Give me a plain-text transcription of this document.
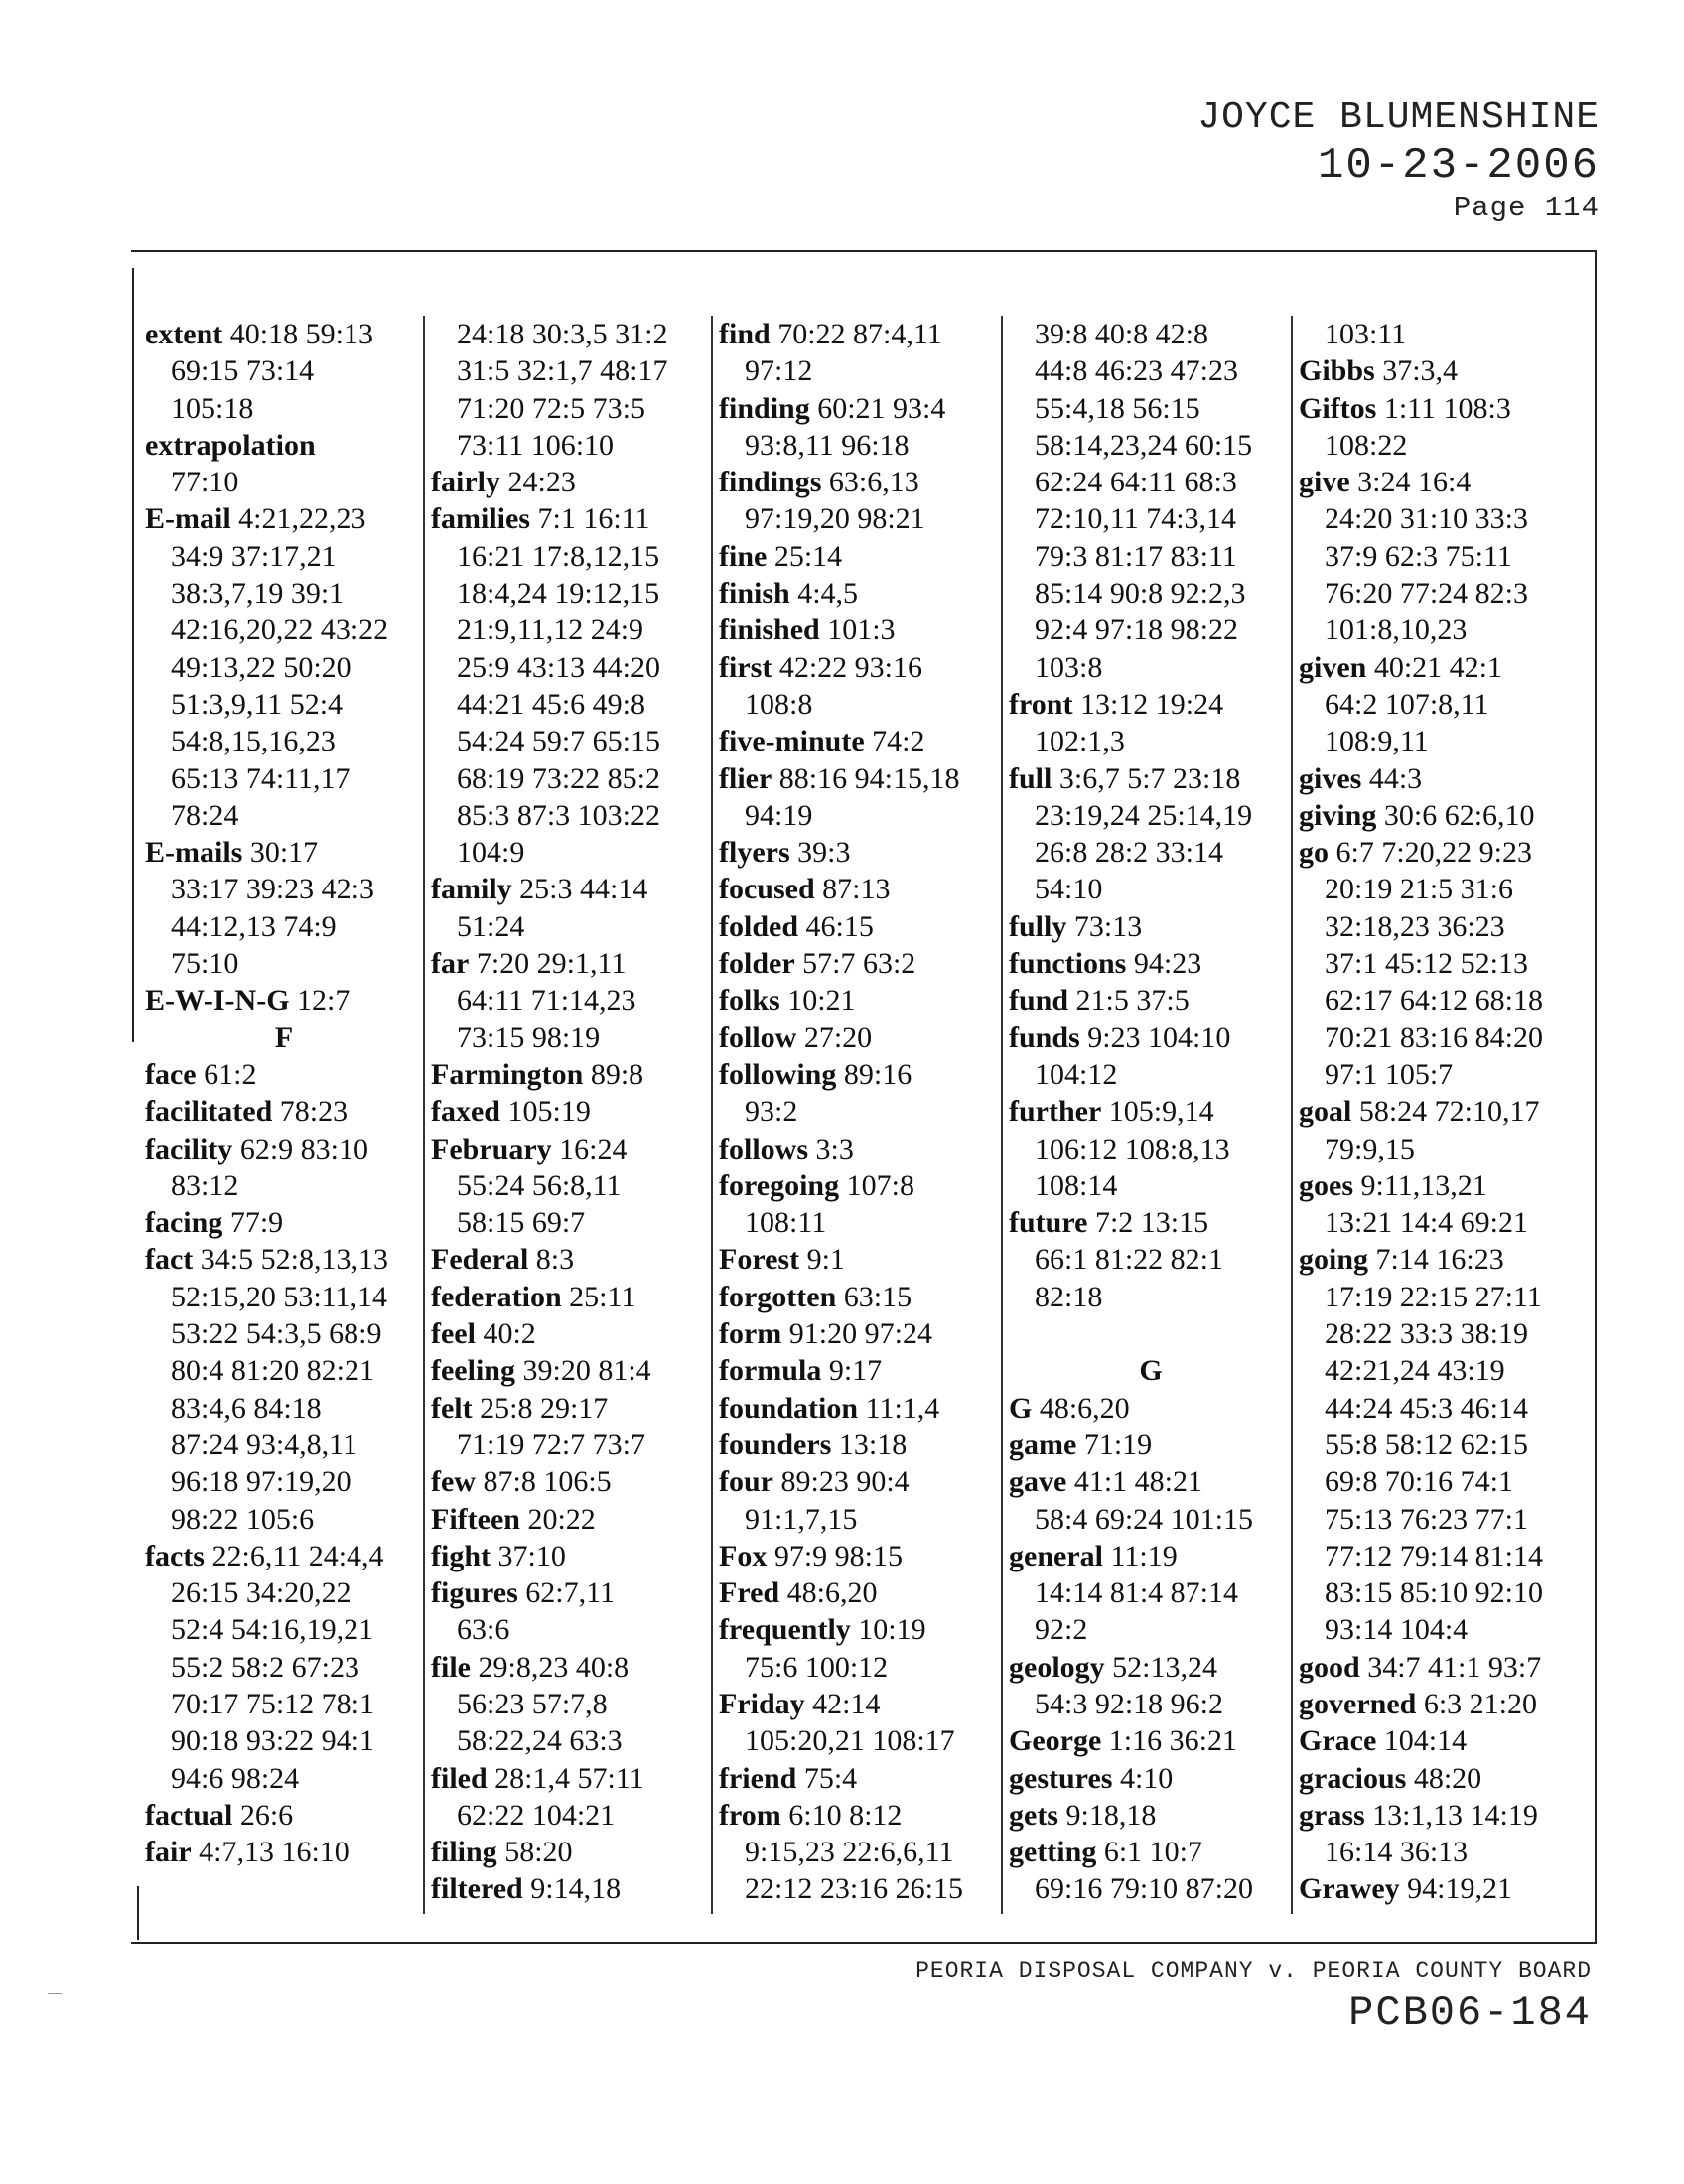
JOYCE BLUMENSHINE
10-23-2006
Page 114
extent 40:18 59:13
69:15 73:14
105:18
extrapolation
77:10
E-mail 4:21,22,23
34:9 37:17,21
38:3,7,19 39:1
42:16,20,22 43:22
49:13,22 50:20
51:3,9,11 52:4
54:8,15,16,23
65:13 74:11,17
78:24
E-mails 30:17
33:17 39:23 42:3
44:12,13 74:9
75:10
E-W-I-N-G 12:7
F
face 61:2
facilitated 78:23
facility 62:9 83:10
83:12
facing 77:9
fact 34:5 52:8,13,13
52:15,20 53:11,14
53:22 54:3,5 68:9
80:4 81:20 82:21
83:4,6 84:18
87:24 93:4,8,11
96:18 97:19,20
98:22 105:6
facts 22:6,11 24:4,4
26:15 34:20,22
52:4 54:16,19,21
55:2 58:2 67:23
70:17 75:12 78:1
90:18 93:22 94:1
94:6 98:24
factual 26:6
fair 4:7,13 16:10
24:18 30:3,5 31:2
31:5 32:1,7 48:17
71:20 72:5 73:5
73:11 106:10
fairly 24:23
families 7:1 16:11
16:21 17:8,12,15
18:4,24 19:12,15
21:9,11,12 24:9
25:9 43:13 44:20
44:21 45:6 49:8
54:24 59:7 65:15
68:19 73:22 85:2
85:3 87:3 103:22
104:9
family 25:3 44:14
51:24
far 7:20 29:1,11
64:11 71:14,23
73:15 98:19
Farmington 89:8
faxed 105:19
February 16:24
55:24 56:8,11
58:15 69:7
Federal 8:3
federation 25:11
feel 40:2
feeling 39:20 81:4
felt 25:8 29:17
71:19 72:7 73:7
few 87:8 106:5
Fifteen 20:22
fight 37:10
figures 62:7,11
63:6
file 29:8,23 40:8
56:23 57:7,8
58:22,24 63:3
filed 28:1,4 57:11
62:22 104:21
filing 58:20
filtered 9:14,18
find 70:22 87:4,11
97:12
finding 60:21 93:4
93:8,11 96:18
findings 63:6,13
97:19,20 98:21
fine 25:14
finish 4:4,5
finished 101:3
first 42:22 93:16
108:8
five-minute 74:2
flier 88:16 94:15,18
94:19
flyers 39:3
focused 87:13
folded 46:15
folder 57:7 63:2
folks 10:21
follow 27:20
following 89:16
93:2
follows 3:3
foregoing 107:8
108:11
Forest 9:1
forgotten 63:15
form 91:20 97:24
formula 9:17
foundation 11:1,4
founders 13:18
four 89:23 90:4
91:1,7,15
Fox 97:9 98:15
Fred 48:6,20
frequently 10:19
75:6 100:12
Friday 42:14
105:20,21 108:17
friend 75:4
from 6:10 8:12
9:15,23 22:6,6,11
22:12 23:16 26:15
39:8 40:8 42:8
44:8 46:23 47:23
55:4,18 56:15
58:14,23,24 60:15
62:24 64:11 68:3
72:10,11 74:3,14
79:3 81:17 83:11
85:14 90:8 92:2,3
92:4 97:18 98:22
103:8
front 13:12 19:24
102:1,3
full 3:6,7 5:7 23:18
23:19,24 25:14,19
26:8 28:2 33:14
54:10
fully 73:13
functions 94:23
fund 21:5 37:5
funds 9:23 104:10
104:12
further 105:9,14
106:12 108:8,13
108:14
future 7:2 13:15
66:1 81:22 82:1
82:18
G
G 48:6,20
game 71:19
gave 41:1 48:21
58:4 69:24 101:15
general 11:19
14:14 81:4 87:14
92:2
geology 52:13,24
54:3 92:18 96:2
George 1:16 36:21
gestures 4:10
gets 9:18,18
getting 6:1 10:7
69:16 79:10 87:20
103:11
Gibbs 37:3,4
Giftos 1:11 108:3
108:22
give 3:24 16:4
24:20 31:10 33:3
37:9 62:3 75:11
76:20 77:24 82:3
101:8,10,23
given 40:21 42:1
64:2 107:8,11
108:9,11
gives 44:3
giving 30:6 62:6,10
go 6:7 7:20,22 9:23
20:19 21:5 31:6
32:18,23 36:23
37:1 45:12 52:13
62:17 64:12 68:18
70:21 83:16 84:20
97:1 105:7
goal 58:24 72:10,17
79:9,15
goes 9:11,13,21
13:21 14:4 69:21
going 7:14 16:23
17:19 22:15 27:11
28:22 33:3 38:19
42:21,24 43:19
44:24 45:3 46:14
55:8 58:12 62:15
69:8 70:16 74:1
75:13 76:23 77:1
77:12 79:14 81:14
83:15 85:10 92:10
93:14 104:4
good 34:7 41:1 93:7
governed 6:3 21:20
Grace 104:14
gracious 48:20
grass 13:1,13 14:19
16:14 36:13
Grawey 94:19,21
PEORIA DISPOSAL COMPANY v. PEORIA COUNTY BOARD
PCB06-184
